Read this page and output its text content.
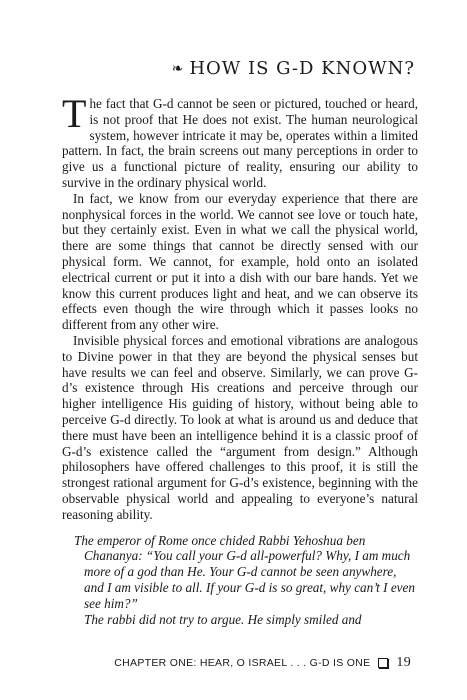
❧ HOW IS G-D KNOWN?

The fact that G-d cannot be seen or pictured, touched or heard, is not proof that He does not exist. The human neurological system, however intricate it may be, operates within a limited pattern. In fact, the brain screens out many perceptions in order to give us a functional picture of reality, ensuring our ability to survive in the ordinary physical world.

In fact, we know from our everyday experience that there are nonphysical forces in the world. We cannot see love or touch hate, but they certainly exist. Even in what we call the physical world, there are some things that cannot be directly sensed with our physical form. We cannot, for example, hold onto an isolated electrical current or put it into a dish with our bare hands. Yet we know this current produces light and heat, and we can observe its effects even though the wire through which it passes looks no different from any other wire.

Invisible physical forces and emotional vibrations are analogous to Divine power in that they are beyond the physical senses but have results we can feel and observe. Similarly, we can prove G-d’s existence through His creations and perceive through our higher intelligence His guiding of history, without being able to perceive G-d directly. To look at what is around us and deduce that there must have been an intelligence behind it is a classic proof of G-d’s existence called the “argument from design.” Although philosophers have offered challenges to this proof, it is still the strongest rational argument for G-d’s existence, beginning with the observable physical world and appealing to everyone’s natural reasoning ability.

The emperor of Rome once chided Rabbi Yehoshua ben Chananya: “You call your G-d all-powerful? Why, I am much more of a god than He. Your G-d cannot be seen anywhere, and I am visible to all. If your G-d is so great, why can’t I even see him?”

The rabbi did not try to argue. He simply smiled and

CHAPTER ONE: HEAR, O ISRAEL . . . G-D IS ONE 19
